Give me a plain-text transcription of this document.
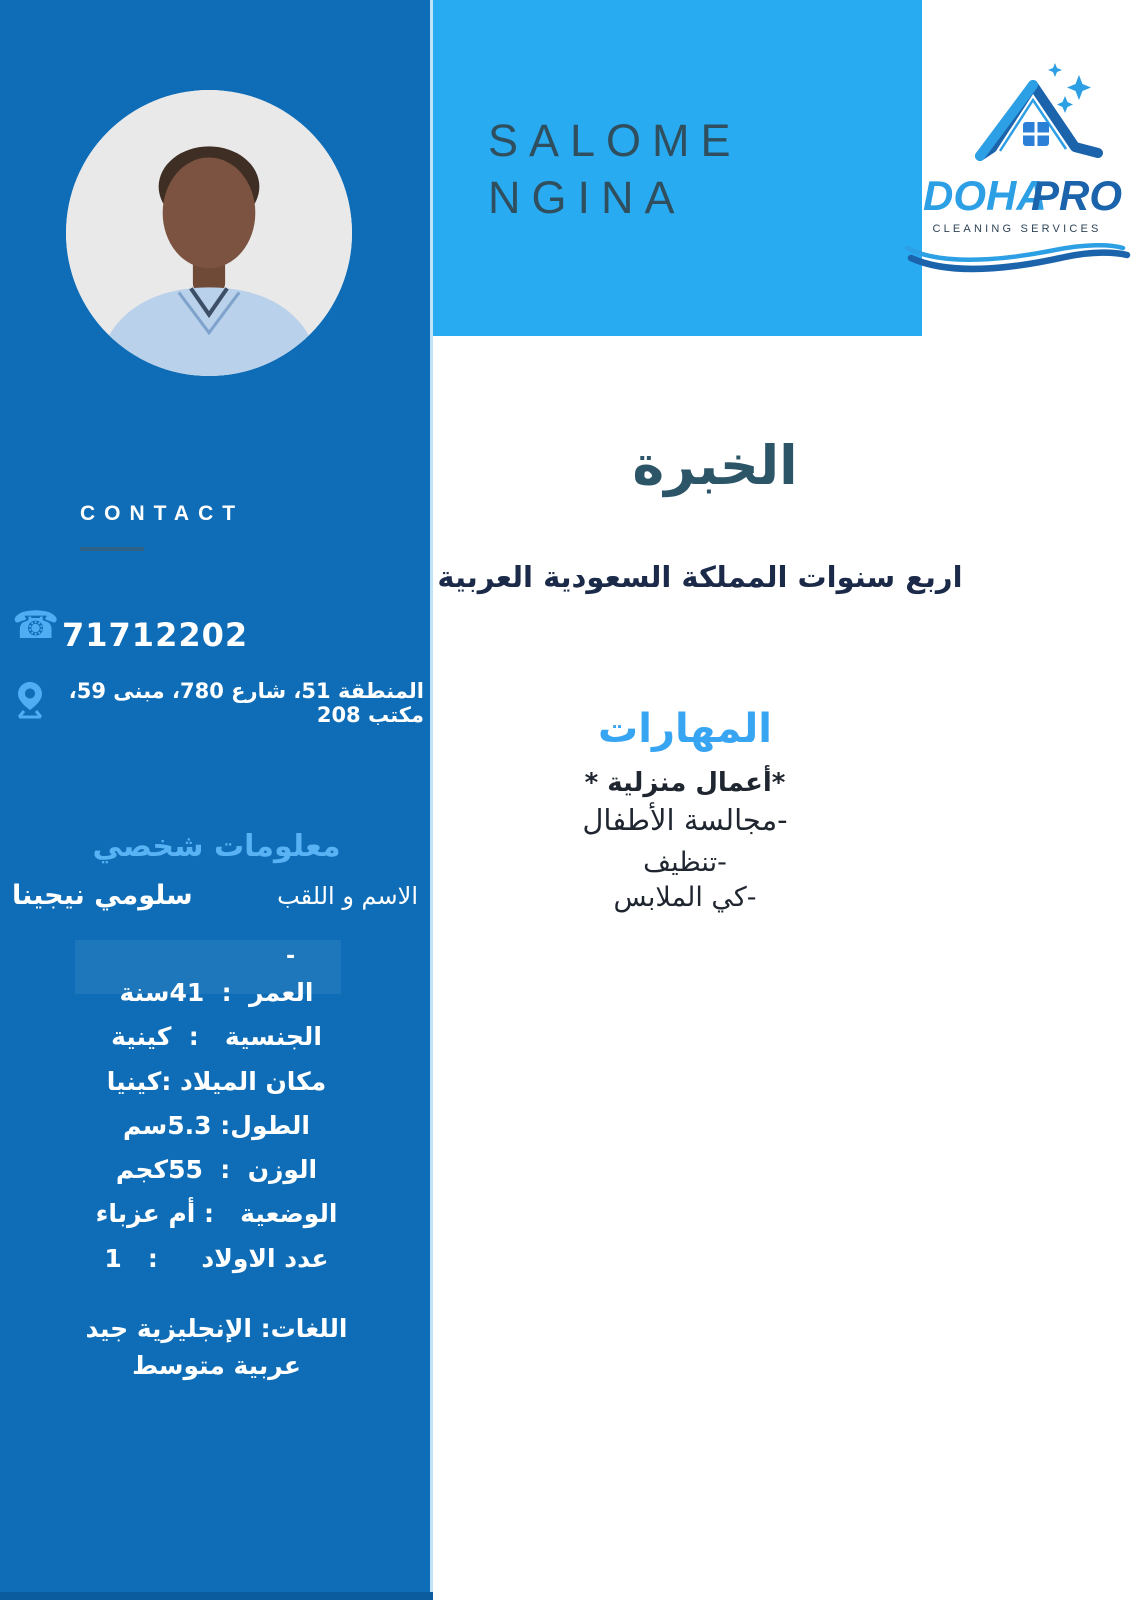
SALOME
NGINA	DOHA
PRO
CLEANING SERVICES
CONTACT
☎ 71712202
المنطقة 51، شارع 780، مبنى 59، مكتب 208
معلومات شخصي
سلومي نيجينا	الاسم و اللقب
-
العمر  :  41سنة
الجنسية   :  كينية
مكان الميلاد :كينيا
الطول: 5.3سم
الوزن  :  55كجم
الوضعية   : أم عزباء
عدد الاولاد     :   1
اللغات: الإنجليزية جيد
عربية متوسط
الخبرة
اربع سنوات المملكة السعودية العربية
المهارات
*أعمال منزلية *
-مجالسة الأطفال
-تنظيف
-كي الملابس
